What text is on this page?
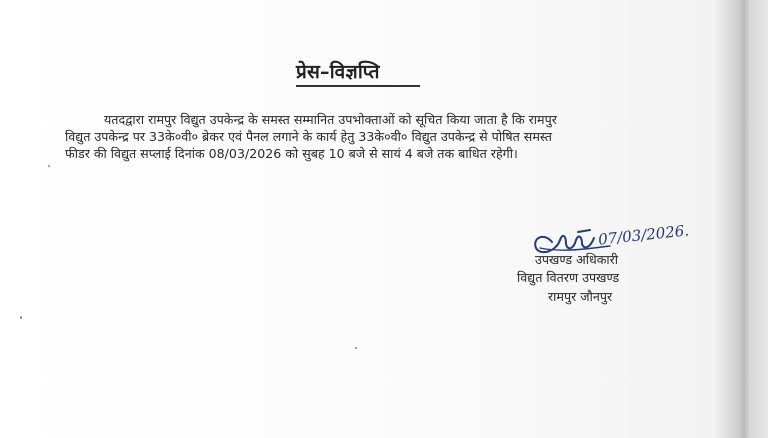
प्रेस–विज्ञप्ति
यतदद्वारा रामपुर विद्युत उपकेन्द्र के समस्त सम्मानित उपभोक्ताओं को सूचित किया जाता है कि रामपुर
विद्युत उपकेन्द्र पर 33के०वी० ब्रेकर एवं पैनल लगाने के कार्य हेतु 33के०वी० विद्युत उपकेन्द्र से पोषित समस्त
फीडर की विद्युत सप्लाई दिनांक 08/03/2026 को सुबह 10 बजे से सायं 4 बजे तक बाधित रहेगी।
07/03/2026.
उपखण्ड अधिकारी
विद्युत वितरण उपखण्ड
रामपुर जौनपुर
